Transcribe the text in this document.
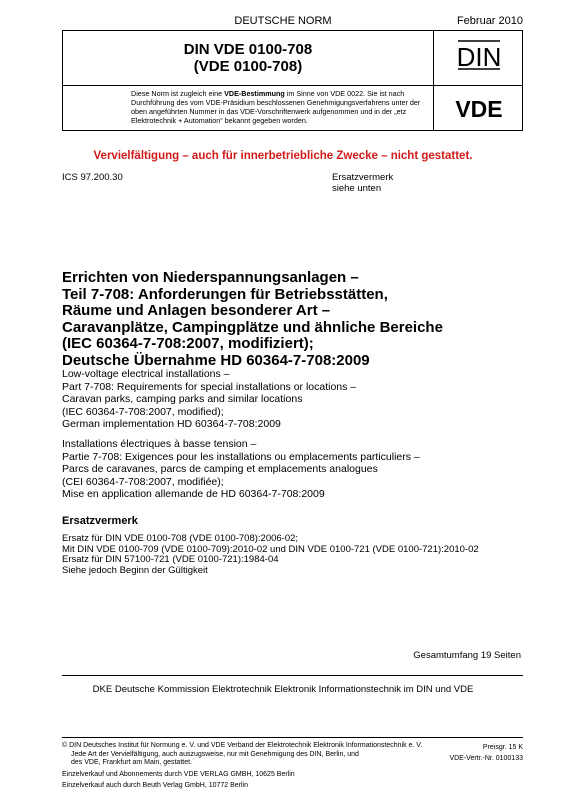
DEUTSCHE NORM	Februar 2010
DIN VDE 0100-708
(VDE 0100-708)	DIN
Diese Norm ist zugleich eine VDE-Bestimmung im Sinne von VDE 0022. Sie ist nach Durchführung des vom VDE-Präsidium beschlossenen Genehmigungsverfahrens unter der oben angeführten Nummer in das VDE-Vorschriftenwerk aufgenommen und in der „etz Elektrotechnik + Automation“ bekannt gegeben worden.	VDE
Vervielfältigung – auch für innerbetriebliche Zwecke – nicht gestattet.
ICS 97.200.30	Ersatzvermerk
siehe unten
Errichten von Niederspannungsanlagen –
Teil 7-708: Anforderungen für Betriebsstätten,
Räume und Anlagen besonderer Art –
Caravanplätze, Campingplätze und ähnliche Bereiche
(IEC 60364-7-708:2007, modifiziert);
Deutsche Übernahme HD 60364-7-708:2009
Low-voltage electrical installations –
Part 7-708: Requirements for special installations or locations –
Caravan parks, camping parks and similar locations
(IEC 60364-7-708:2007, modified);
German implementation HD 60364-7-708:2009
Installations électriques à basse tension –
Partie 7-708: Exigences pour les installations ou emplacements particuliers –
Parcs de caravanes, parcs de camping et emplacements analogues
(CEI 60364-7-708:2007, modifiée);
Mise en application allemande de HD 60364-7-708:2009
Ersatzvermerk
Ersatz für DIN VDE 0100-708 (VDE 0100-708):2006-02;
Mit DIN VDE 0100-709 (VDE 0100-709):2010-02 und DIN VDE 0100-721 (VDE 0100-721):2010-02
Ersatz für DIN 57100-721 (VDE 0100-721):1984-04
Siehe jedoch Beginn der Gültigkeit
Gesamtumfang 19 Seiten
DKE Deutsche Kommission Elektrotechnik Elektronik Informationstechnik im DIN und VDE
© DIN Deutsches Institut für Normung e. V. und VDE Verband der Elektrotechnik Elektronik Informationstechnik e. V.
Jede Art der Vervielfältigung, auch auszugsweise, nur mit Genehmigung des DIN, Berlin, und
des VDE, Frankfurt am Main, gestattet.
Preisgr. 15 K
VDE-Vertr.-Nr. 0100133
Einzelverkauf und Abonnements durch VDE VERLAG GMBH, 10625 Berlin
Einzelverkauf auch durch Beuth Verlag GmbH, 10772 Berlin
